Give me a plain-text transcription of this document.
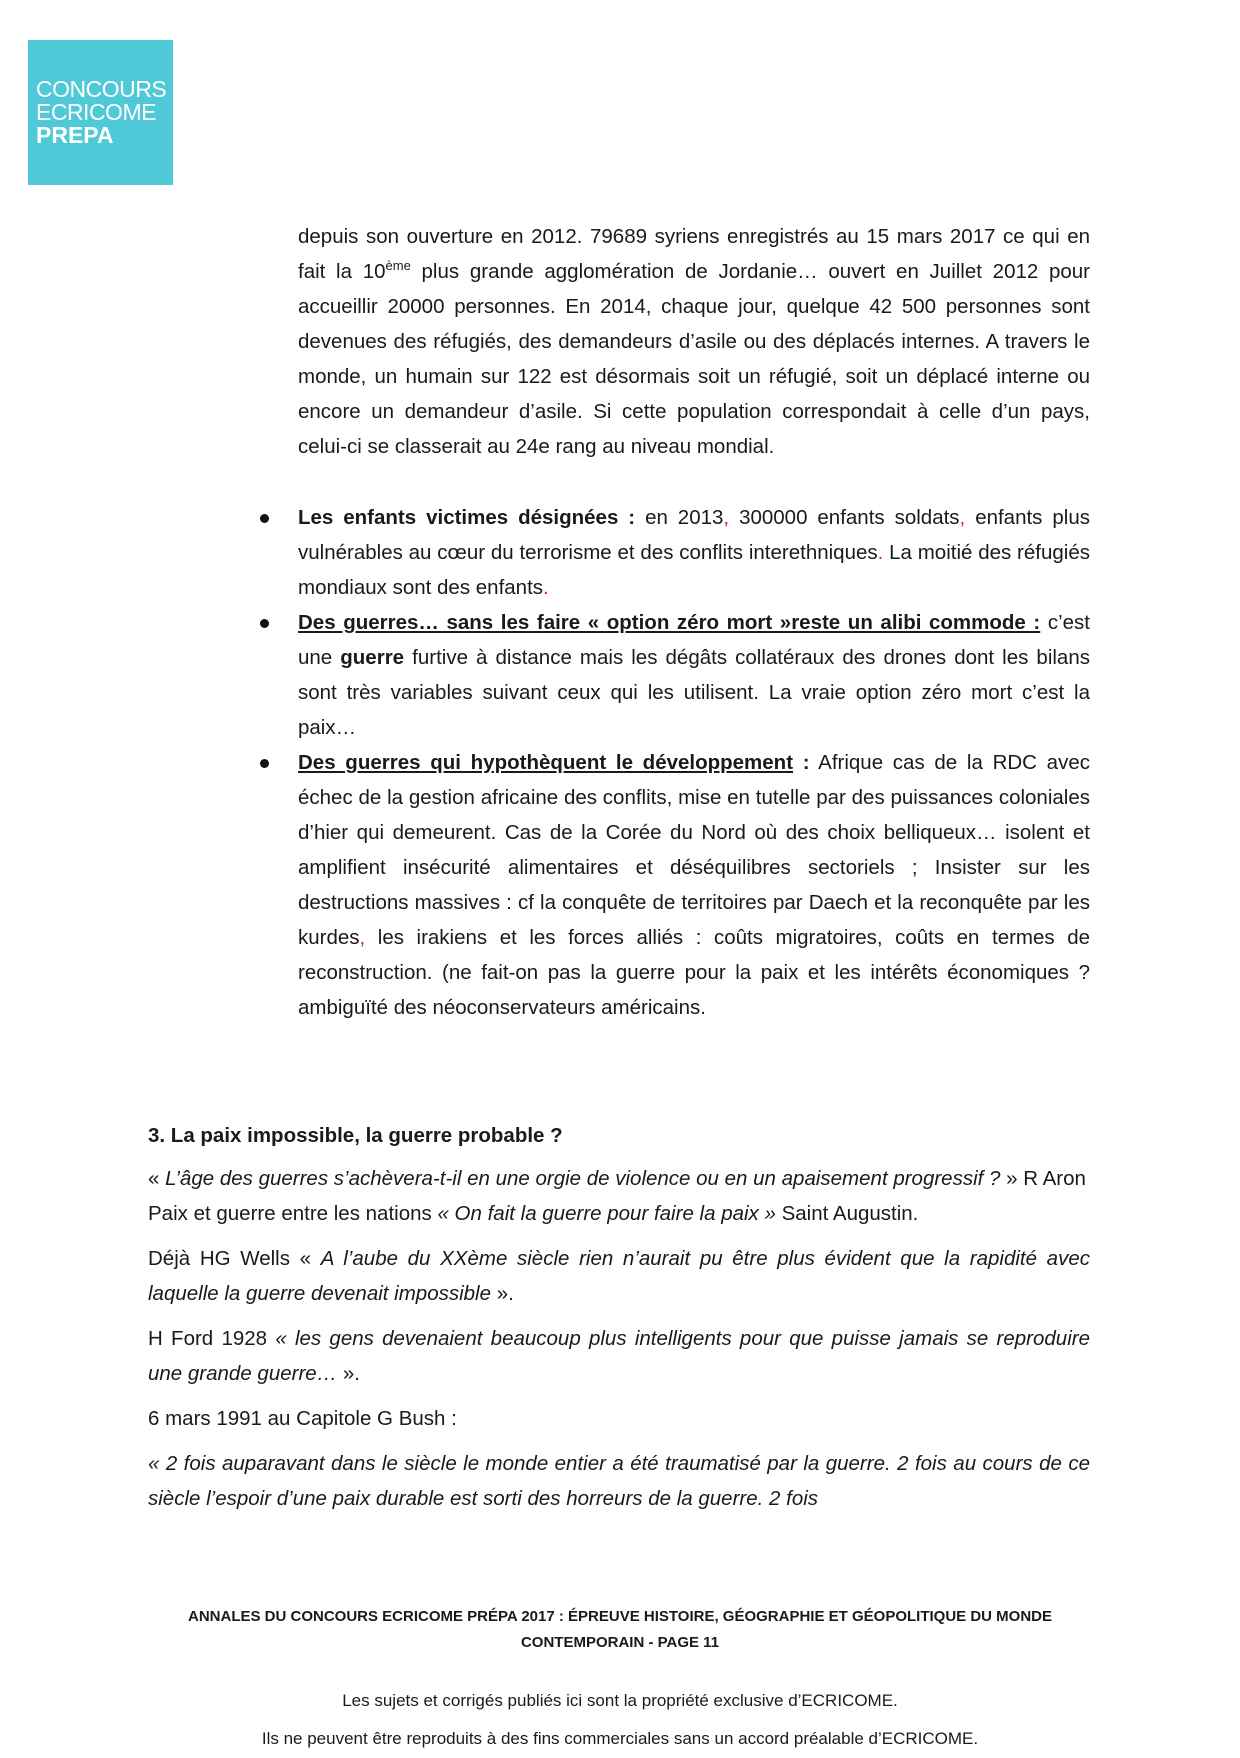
CONCOURS
ECRICOME
PREPA
depuis son ouverture en 2012. 79689 syriens enregistrés au 15 mars 2017 ce qui en fait la 10ème plus grande agglomération de Jordanie… ouvert en Juillet 2012 pour accueillir 20000 personnes. En 2014, chaque jour, quelque 42 500 personnes sont devenues des réfugiés, des demandeurs d’asile ou des déplacés internes. A travers le monde, un humain sur 122 est désormais soit un réfugié, soit un déplacé interne ou encore un demandeur d’asile. Si cette population correspondait à celle d’un pays, celui-ci se classerait au 24e rang au niveau mondial.
Les enfants victimes désignées : en 2013, 300000 enfants soldats, enfants plus vulnérables au cœur du terrorisme et des conflits interethniques. La moitié des réfugiés mondiaux sont des enfants.
Des guerres… sans les faire « option zéro mort »reste un alibi commode : c’est une guerre furtive à distance mais les dégâts collatéraux des drones dont les bilans sont très variables suivant ceux qui les utilisent. La vraie option zéro mort c’est la paix…
Des guerres qui hypothèquent le développement : Afrique cas de la RDC avec échec de la gestion africaine des conflits, mise en tutelle par des puissances coloniales d’hier qui demeurent. Cas de la Corée du Nord où des choix belliqueux… isolent et amplifient insécurité alimentaires et déséquilibres sectoriels ; Insister sur les destructions massives : cf la conquête de territoires par Daech et la reconquête par les kurdes, les irakiens et les forces alliés : coûts migratoires, coûts en termes de reconstruction. (ne fait-on pas la guerre pour la paix et les intérêts économiques ? ambiguïté des néoconservateurs américains.
3. La paix impossible, la guerre probable ?

« L’âge des guerres s’achèvera-t-il en une orgie de violence ou en un apaisement progressif ? » R Aron Paix et guerre entre les nations « On fait la guerre pour faire la paix » Saint Augustin.

Déjà HG Wells « A l’aube du XXème siècle rien n’aurait pu être plus évident que la rapidité avec laquelle la guerre devenait impossible ».

H Ford 1928 « les gens devenaient beaucoup plus intelligents pour que puisse jamais se reproduire une grande guerre… ».

6 mars 1991 au Capitole G Bush :

« 2 fois auparavant dans le siècle le monde entier a été traumatisé par la guerre. 2 fois au cours de ce siècle l’espoir d’une paix durable est sorti des horreurs de la guerre. 2 fois

ANNALES DU CONCOURS ECRICOME PRÉPA 2017 : ÉPREUVE HISTOIRE, GÉOGRAPHIE ET GÉOPOLITIQUE DU MONDE
CONTEMPORAIN - PAGE 11
Les sujets et corrigés publiés ici sont la propriété exclusive d’ECRICOME.
Ils ne peuvent être reproduits à des fins commerciales sans un accord préalable d’ECRICOME.
